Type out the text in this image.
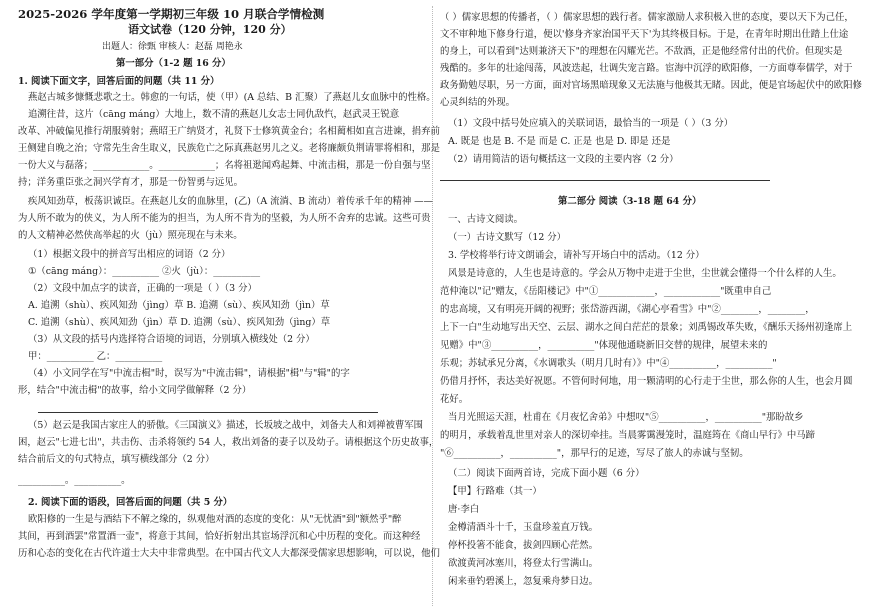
2025-2026 学年度第一学期初三年级 10 月联合学情检测
语文试卷（120 分钟，120 分）
出题人：徐甄 审核人：赵磊 周艳永
第一部分（1-2 题 16 分）
1. 阅读下面文字，回答后面的问题（共 11 分）
燕赵古城多慷慨悲歌之士。韩愈的一句话，使（甲）(A 总结、B 汇聚）了燕赵儿女血脉中的性格。
追溯往昔，这片（cāng máng）大地上，数不清的燕赵儿女志士同仇敌忾，赵武灵王锐意
改革、冲破偏见推行胡服骑射；燕昭王广纳贤才，礼贤下士修筑黄金台；名相蔺相如直言进谏，捐弃前
王侧建自晚之治；守常先生舍生取义，民族危亡之际真燕赵男儿之义。老将廉颇负荆请罪将相和，那是
一份大义与磊落；____________。____________；名将祖逖闻鸡起舞、中流击楫，那是一份自强与坚
持；洋务重臣张之洞兴学育才，那是一份智勇与远见。
疾风知劲草，板荡识诚臣。在燕赵儿女的血脉里，(乙)（A 流淌、B 流动）着传承千年的精神 ——
为人所不敢为的侠义，为人所不能为的担当，为人所不肯为的坚毅，为人所不舍弃的忠诚。这些可贵
的人文精神必然侠高举起的火（jù）照亮现在与未来。
（1）根据文段中的拼音写出相应的词语（2 分）
①（cāng máng）：__________ ②火（jù）：__________
（2）文段中加点字的读音，正确的一项是（ ）（3 分）
A. 追溯（shù）、疾风知劲（jìng）草 B. 追溯（sù）、疾风知劲（jìn）草
C. 追溯（shù）、疾风知劲（jìn）草 D. 追溯（sù）、疾风知劲（jìng）草
（3）从文段的括号内选择符合语境的词语，分别填入横线处（2 分）
甲：__________ 乙：__________
（4）小文同学在写"中流击楫"时，误写为"中流击辑"，请根据"楫"与"辑"的字
形，结合"中流击楫"的故事，给小文同学做解释（2 分）
（5）赵云是我国古家庄人的骄傲。《三国演义》描述，长坂坡之战中，刘备夫人和刘禅被曹军围
困，赵云"七进七出"，共击伤、击杀将领约 54 人，救出刘备的妻子以及幼子。请根据这个历史故事，
结合前后文的句式特点，填写横线部分（2 分）
__________。__________。
2. 阅读下面的语段，回答后面的问题（共 5 分）
欧阳修的一生是与酒结下不解之缘的，纵观他对酒的态度的变化：从"无忧酒"到"额然乎"醉
其间，再到酒罢"常置酒一壶"，将意于其间，恰好折射出其宦场浮沉和心中历程的变化。而这种经
历和心态的变化在古代许道士大夫中非常典型。在中国古代文人大都深受儒家思想影响，可以说，他们
（ ）儒家思想的传播者，（ ）儒家思想的践行者。儒家激励人求积极入世的态度，要以天下为己任，
文不审种地下修身行道，便以'修身齐家治国平天下'为其终极目标。于是，在青年时期出仕踏上仕途
的身上，可以看到"达则兼济天下"的理想在闪耀光芒。不敌酒，正是他经常付出的代价。但现实是
残酷的。多年的壮途闯荡，风波迭起，壮调失宠言路。宦海中沉浮的欧阳修，一方面尊奉儒学，对于
政务勤勉尽职，另一方面，面对官场黑暗现象又无法施与他极其无睹。因此，便是官场起伏中的欧阳修
心灵纠结的外现。
（1）文段中括号处应填入的关联词语，最恰当的一项是（ ）（3 分）
A. 既是 也是 B. 不是 而是 C. 正是 也是 D. 即是 还是
（2）请用简洁的语句概括这一文段的主要内容（2 分）
第二部分 阅读（3-18 题 64 分）
一、古诗文阅读。
（一）古诗文默写（12 分）
3. 学校将举行诗文朗诵会，请补写开场白中的活动。（12 分）
风景是诗意的，人生也是诗意的。学会从万物中走进于尘世，尘世就会懂得一个什么样的人生。
范仲淹以"记"赠友，《岳阳楼记》中"①____________，____________"既重申自己
的忠高境，又有明亮开阔的视野；张岱游西湖，《湖心亭看雪》中"②________，________，
上下一白"生动地写出天空、云层、湖水之间白茫茫的景象；刘禹锡改革失败，《酬乐天扬州初逢席上
见赠》中"③__________，__________"体现他通晓新旧交替的规律，展望未来的
乐观；苏轼承兄分离，《水调歌头（明月几时有）》中"④__________，__________"
仍借月抒怀，表达美好祝愿。不管何时何地，用一颗清明的心行走于尘世，那么你的人生，也会月圆
花好。
当月光照运天涯，杜甫在《月夜忆舍弟》中想叹"⑤__________，__________"那盼故乡
的明月，承载着乱世里对亲人的深切牵挂。当晨雾霭漫笼时，温庭筠在《商山早行》中马蹄
"⑥__________，__________"，那早行的足迹，写尽了旅人的赤诚与坚韧。
（二）阅读下面两首诗，完成下面小题（6 分）
【甲】行路难（其一）
唐·李白
金樽清酒斗十千，玉盘珍羞直万钱。
停杯投箸不能食，拔剑四顾心茫然。
欲渡黄河冰塞川，将登太行雪满山。
闲来垂钓碧溪上，忽复乘舟梦日边。
